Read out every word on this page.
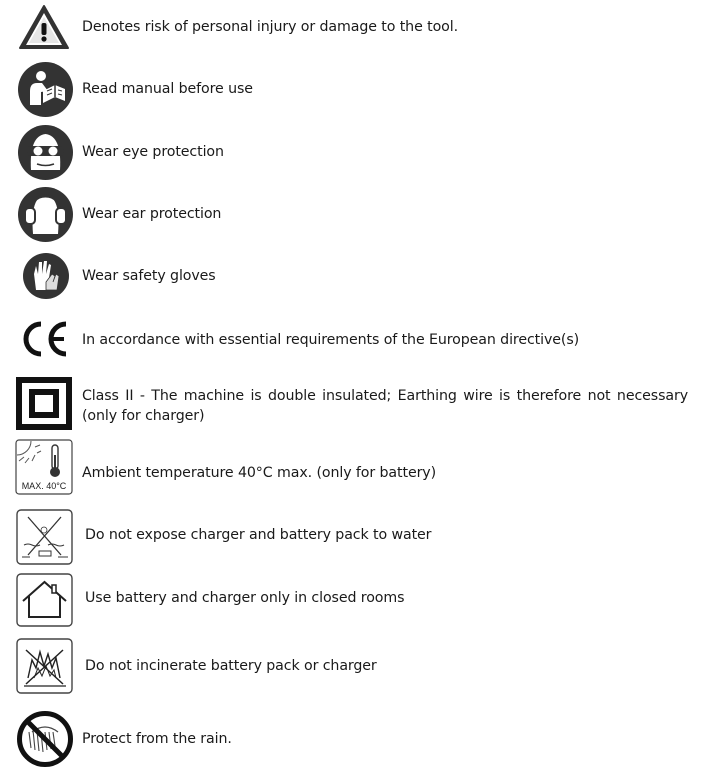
Denotes risk of personal injury or damage to the tool.
Read manual before use
Wear eye protection
Wear ear protection
Wear safety gloves
In accordance with essential requirements of the European directive(s)
Class II - The machine is double insulated; Earthing wire is therefore not necessary (only for charger)
MAX. 40°C
Ambient temperature 40°C max. (only for battery)
Do not expose charger and battery pack to water
Use battery and charger only in closed rooms
Do not incinerate battery pack or charger
Protect from the rain.
